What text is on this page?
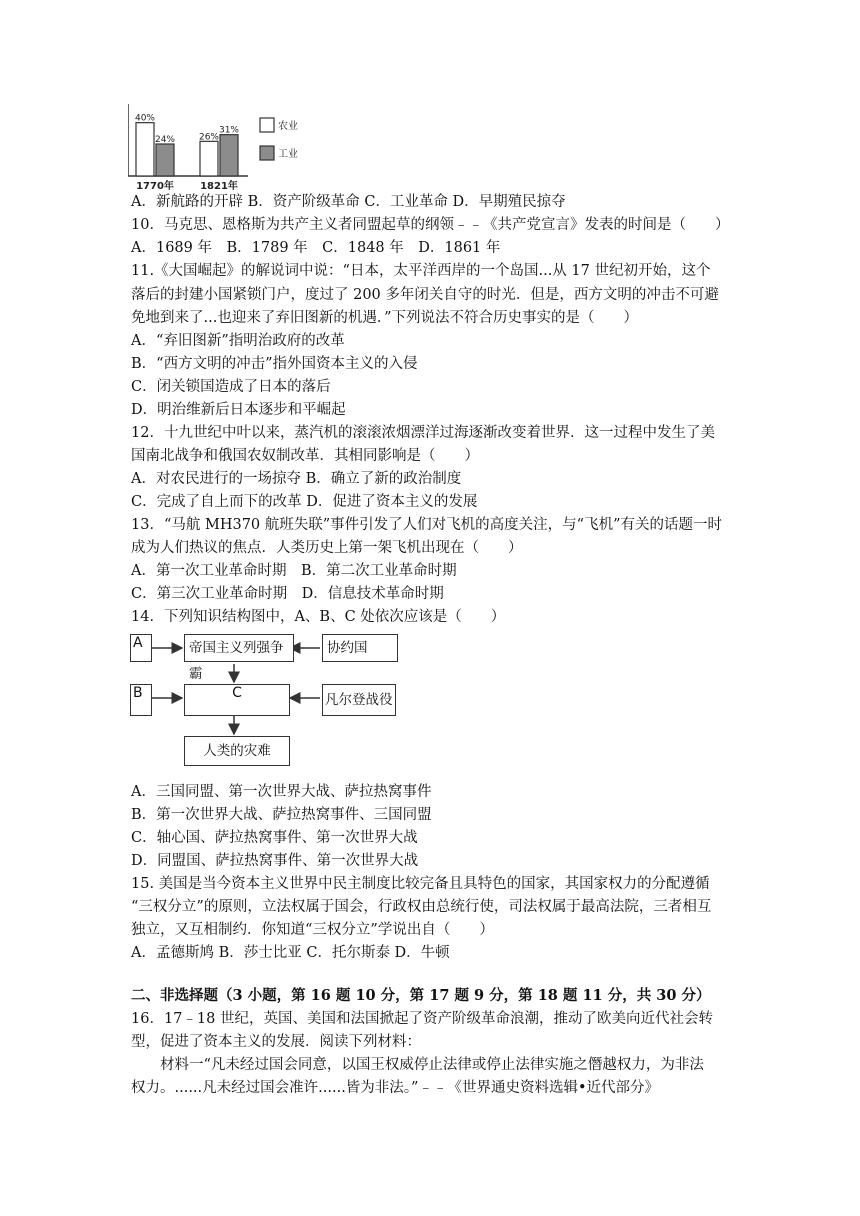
40%
24%
1770年
26%
31%
1821年
农业
工业
A	帝国主义列强争霸
协约国
B	C	凡尔登战役
人类的灾难
A．新航路的开辟 B．资产阶级革命 C．工业革命 D．早期殖民掠夺
10．马克思、恩格斯为共产主义者同盟起草的纲领﹣﹣《共产党宣言》发表的时间是（　　）
A．1689 年　B．1789 年　C．1848 年　D．1861 年
11.《大国崛起》的解说词中说：“日本，太平洋西岸的一个岛国...从 17 世纪初开始，这个
落后的封建小国紧锁门户，度过了 200 多年闭关自守的时光．但是，西方文明的冲击不可避
免地到来了...也迎来了弃旧图新的机遇．”下列说法不符合历史事实的是（　　）
A．“弃旧图新”指明治政府的改革
B．“西方文明的冲击”指外国资本主义的入侵
C．闭关锁国造成了日本的落后
D．明治维新后日本逐步和平崛起
12．十九世纪中叶以来，蒸汽机的滚滚浓烟漂洋过海逐渐改变着世界．这一过程中发生了美
国南北战争和俄国农奴制改革．其相同影响是（　　）
A．对农民进行的一场掠夺 B．确立了新的政治制度
C．完成了自上而下的改革 D．促进了资本主义的发展
13．“马航 MH370 航班失联”事件引发了人们对飞机的高度关注，与“飞机”有关的话题一时
成为人们热议的焦点．人类历史上第一架飞机出现在（　　）
A．第一次工业革命时期　B．第二次工业革命时期
C．第三次工业革命时期　D．信息技术革命时期
14．下列知识结构图中，A、B、C 处依次应该是（　　）
A．三国同盟、第一次世界大战、萨拉热窝事件
B．第一次世界大战、萨拉热窝事件、三国同盟
C．轴心国、萨拉热窝事件、第一次世界大战
D．同盟国、萨拉热窝事件、第一次世界大战
15. 美国是当今资本主义世界中民主制度比较完备且具特色的国家，其国家权力的分配遵循
“三权分立”的原则，立法权属于国会，行政权由总统行使，司法权属于最高法院，三者相互
独立，又互相制约．你知道“三权分立”学说出自（　　）
A．孟德斯鸠 B．莎士比亚 C．托尔斯泰 D．牛顿
二、非选择题（3 小题，第 16 题 10 分，第 17 题 9 分，第 18 题 11 分，共 30 分）
16．17﹣18 世纪，英国、美国和法国掀起了资产阶级革命浪潮，推动了欧美向近代社会转
型，促进了资本主义的发展．阅读下列材料：
材料一“凡未经过国会同意，以国王权威停止法律或停止法律实施之僭越权力，为非法
权力。......凡未经过国会准许......皆为非法。”﹣﹣《世界通史资料选辑•近代部分》
